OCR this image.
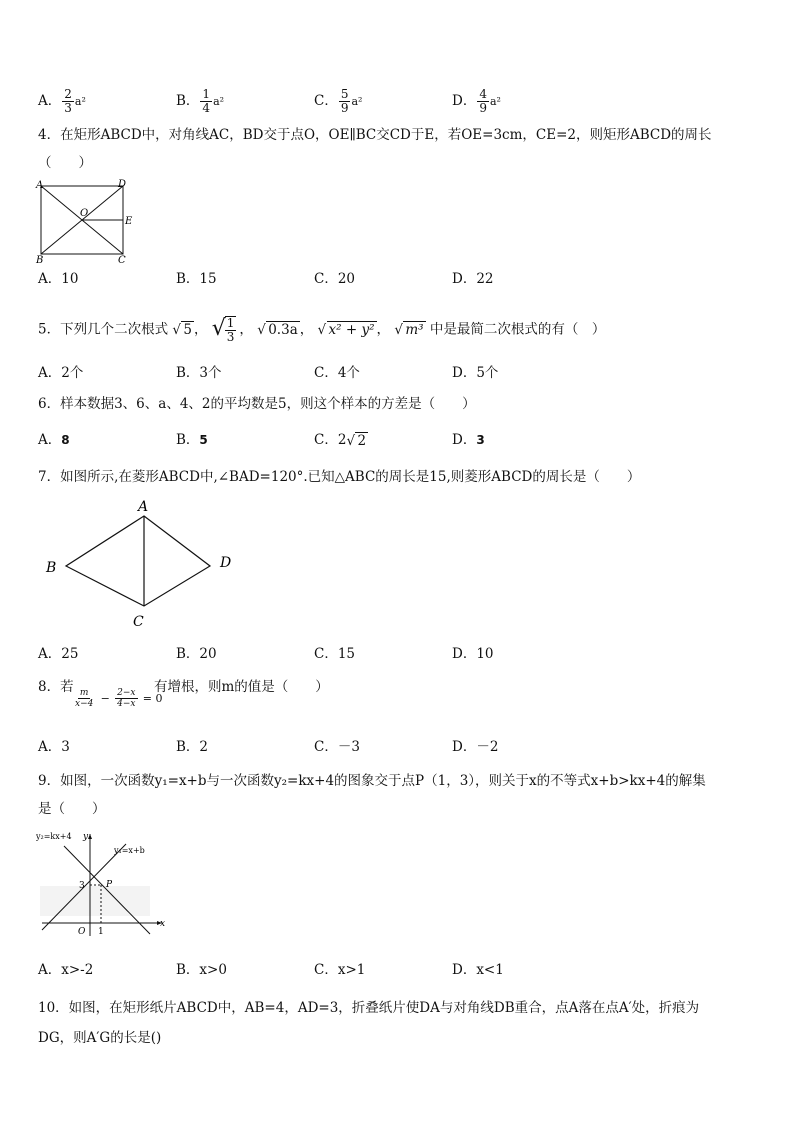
A． $\frac{2}{3} a^2$	B． $\frac{1}{4} a^2$	C． $\frac{5}{9} a^2$	D． $\frac{4}{9} a^2$
4．在矩形ABCD中，对角线AC，BD交于点O，OE∥BC交CD于E，若OE=3cm，CE=2，则矩形ABCD的周长
（　　）
A	D
O
E
B	C
A．10	B．15	C．20	D．22
5．下列几个二次根式 √ 5 ， √
$\frac{1}{3}$ ， √ 0.3a ， √ x² + y² ， √ m³ 中是最简二次根式的有（　）
A．2个	B．3个	C．4个	D．5个
6．样本数据3、6、a、4、2的平均数是5，则这个样本的方差是（　　）
A．8	B．5	C．2 √ 2	D．3
7．如图所示,在菱形ABCD中,∠BAD=120°.已知△ABC的周长是15,则菱形ABCD的周长是（　　）
A
B
C
D
A．25	B．20	C．15	D．10
8．若
$\frac{m}{x-4} - \frac{2-x}{4-x} = 0$
有增根，则m的值是（　　）
A．3	B．2	C．－3	D．－2
9．如图，一次函数y₁=x+b与一次函数y₂=kx+4的图象交于点P（1，3），则关于x的不等式x+b>kx+4的解集
是（　　）
y₂=kx+4 y
y₁=x+b
3 P
O 1
x
A．x>-2	B．x>0	C．x>1	D．x<1
10．如图，在矩形纸片ABCD中，AB=4，AD=3，折叠纸片使DA与对角线DB重合，点A落在点A′处，折痕为
DG，则A′G的长是()
